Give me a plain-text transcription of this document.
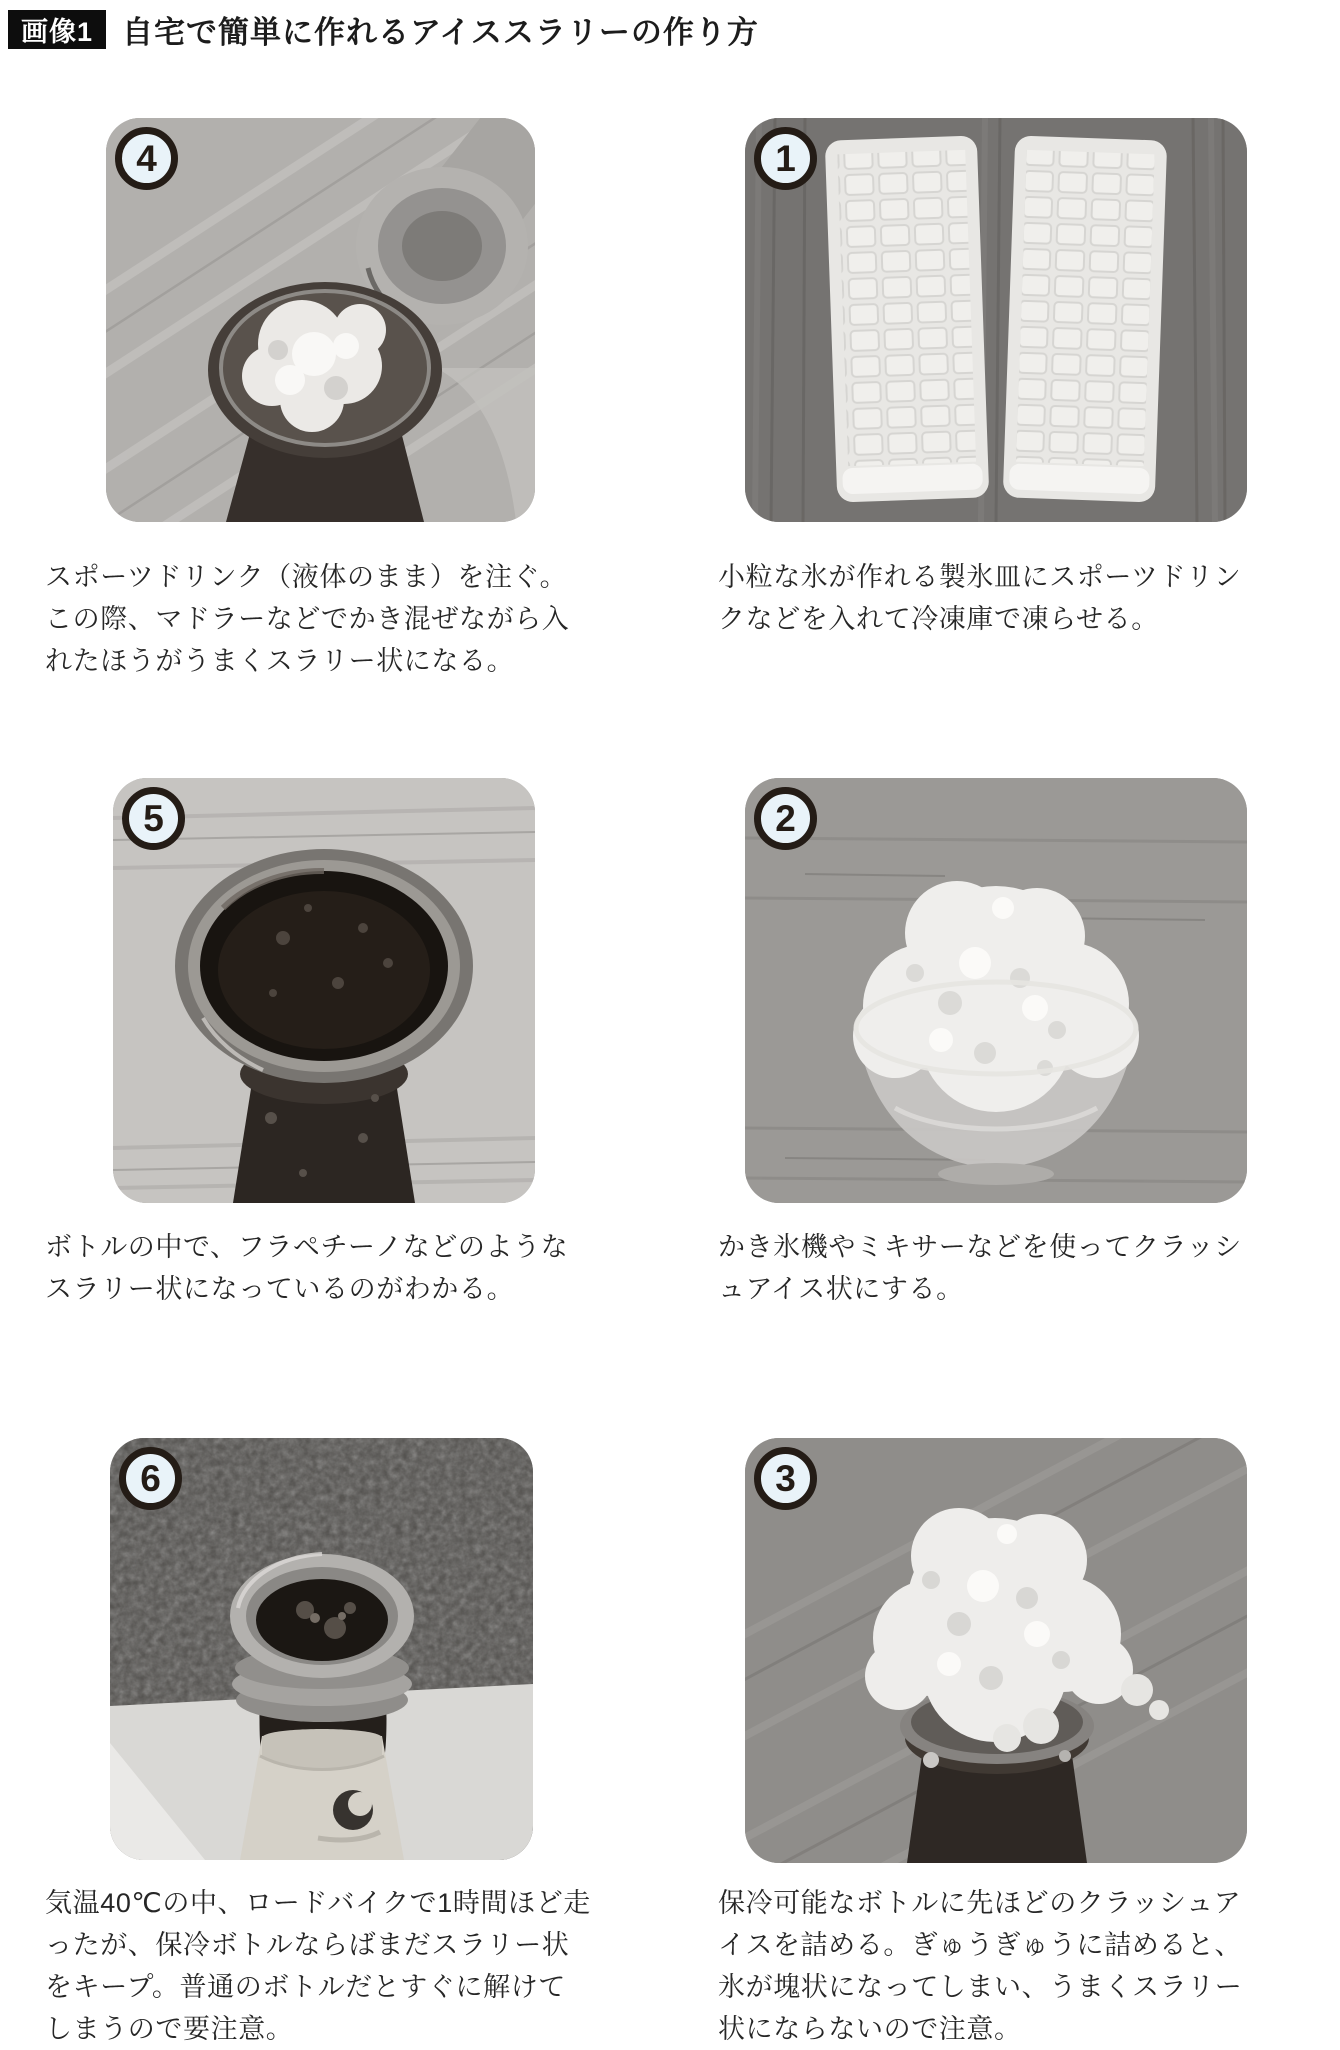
画像1 自宅で簡単に作れるアイススラリーの作り方
4

スポーツドリンク（液体のまま）を注ぐ。この際、マドラーなどでかき混ぜながら入れたほうがうまくスラリー状になる。

1

小粒な氷が作れる製氷皿にスポーツドリンクなどを入れて冷凍庫で凍らせる。

5

ボトルの中で、フラペチーノなどのようなスラリー状になっているのがわかる。

2

かき氷機やミキサーなどを使ってクラッシュアイス状にする。

6

気温40℃の中、ロードバイクで1時間ほど走ったが、保冷ボトルならばまだスラリー状をキープ。普通のボトルだとすぐに解けてしまうので要注意。

3

保冷可能なボトルに先ほどのクラッシュアイスを詰める。ぎゅうぎゅうに詰めると、氷が塊状になってしまい、うまくスラリー状にならないので注意。
